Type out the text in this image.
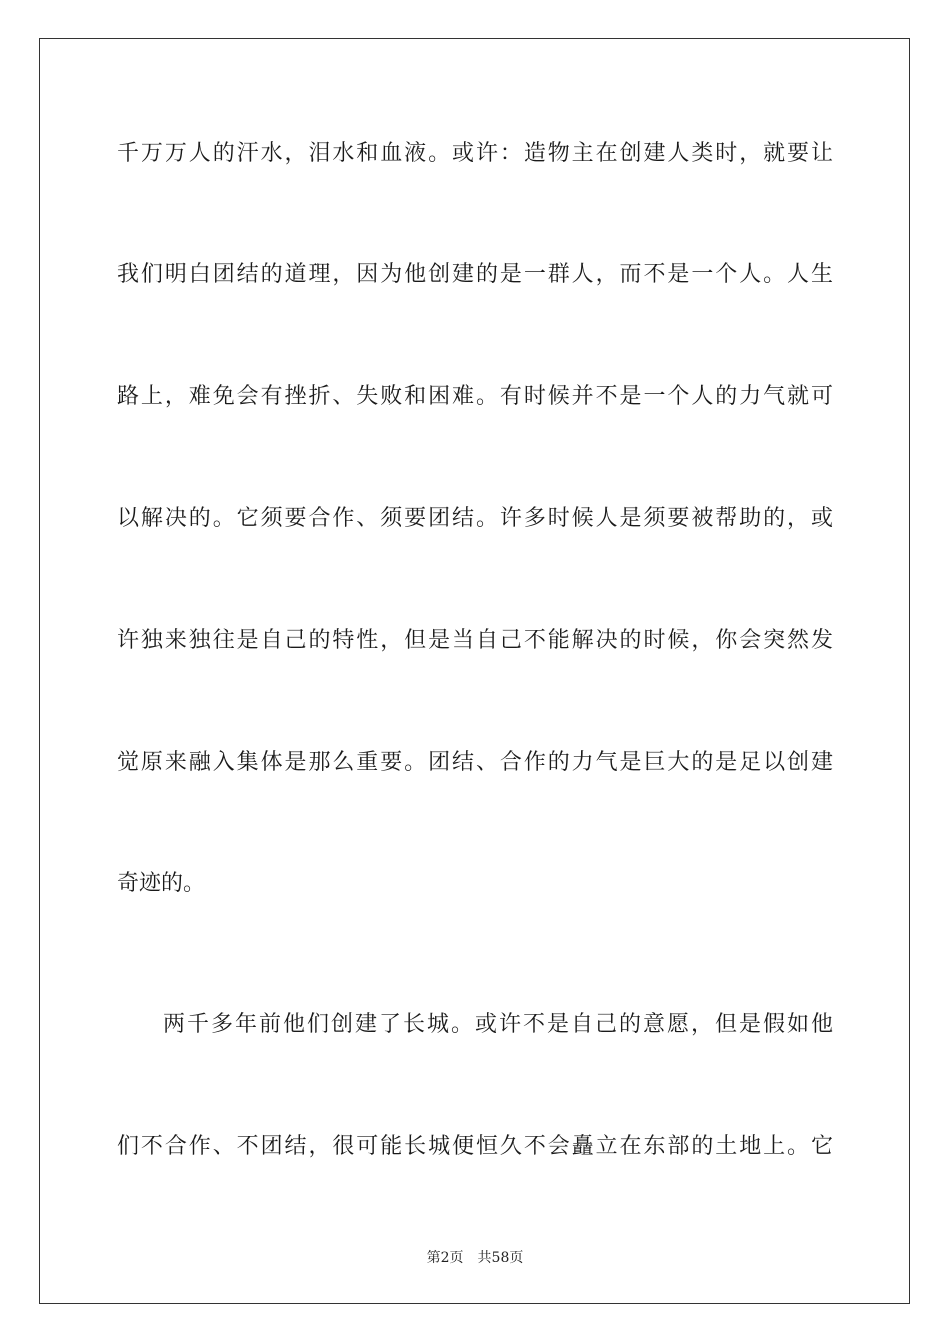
千万万人的汗水，泪水和血液。或许：造物主在创建人类时，就要让
我们明白团结的道理，因为他创建的是一群人，而不是一个人。人生
路上，难免会有挫折、失败和困难。有时候并不是一个人的力气就可
以解决的。它须要合作、须要团结。许多时候人是须要被帮助的，或
许独来独往是自己的特性，但是当自己不能解决的时候，你会突然发
觉原来融入集体是那么重要。团结、合作的力气是巨大的是足以创建
奇迹的。
两千多年前他们创建了长城。或许不是自己的意愿，但是假如他
们不合作、不团结，很可能长城便恒久不会矗立在东部的土地上。它
第2页 共58页
